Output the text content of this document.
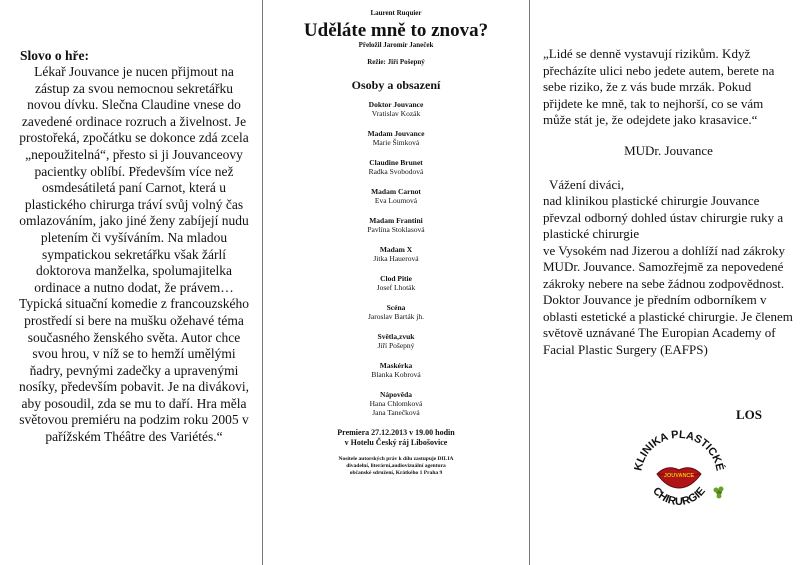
Slovo o hře:

Lékař Jouvance je nucen přijmout na zástup za svou nemocnou sekretářku novou dívku. Slečna Claudine vnese do zavedené ordinace rozruch a živelnost. Je prostořeká, zpočátku se dokonce zdá zcela „nepoužitelná“, přesto si ji Jouvanceovy pacientky oblíbí. Především více než osmdesátiletá paní Carnot, která u plastického chirurga tráví svůj volný čas omlazováním, jako jiné ženy zabíjejí nudu pletením či vyšíváním. Na mladou sympatickou sekretářku však žárlí doktorova manželka, spolumajitelka ordinace a nutno dodat, že právem… Typická situační komedie z francouzského prostředí si bere na mušku ožehavé téma současného ženského světa. Autor chce svou hrou, v níž se to hemží umělými ňadry, pevnými zadečky a upravenými nosíky, především pobavit. Je na divákovi, aby posoudil, zda se mu to daří. Hra měla světovou premiéru na podzim roku 2005 v pařížském Théâtre des Variétés.“

Laurent Ruquier
Uděláte mně to znova?
Přeložil Jaromír Janeček
Režie: Jiří Pošepný
Osoby a obsazení
Doktor Jouvance
Vratislav Kozák
Madam Jouvance
Marie Šimková
Claudine Brunet
Radka Svobodová
Madam Carnot
Eva Loumová
Madam Frantini
Pavlína Stoklasová
Madam X
Jitka Hauerová
Clod Pitie
Josef Lhoták
Scéna
Jaroslav Barták jh.
Světla,zvuk
Jiří Pošepný
Maskérka
Blanka Kobrová
Nápověda
Hana Chlomková
Jana Tanečková
Premiera 27.12.2013 v 19.00 hodin
v Hotelu Český ráj Libošovice
Nositele autorských práv k dílu zastupuje DILIA
divadelní, literární,audiovizuální agentura
občanské sdružení, Krátkého 1 Praha 9
„Lidé se denně vystavují rizikům. Když přecházíte ulici nebo jedete autem, berete na sebe riziko, že z vás bude mrzák. Pokud přijdete ke mně, tak to nejhorší, co se vám může stát je, že odejdete jako krasavice.“
MUDr. Jouvance
Vážení diváci,
nad klinikou plastické chirurgie Jouvance převzal odborný dohled ústav chirurgie ruky a plastické chirurgie
ve Vysokém nad Jizerou a dohlíží nad zákroky MUDr. Jouvance. Samozřejmě za nepovedené zákroky nebere na sebe žádnou zodpovědnost.
Doktor Jouvance je předním odborníkem v oblasti estetické a plastické chirurgie. Je členem světově uznávané The Europian Academy of Facial Plastic Surgery (EAFPS)
LOS
KLINIKA PLASTICKÉ
CHIRURGIE
JOUVANCE
